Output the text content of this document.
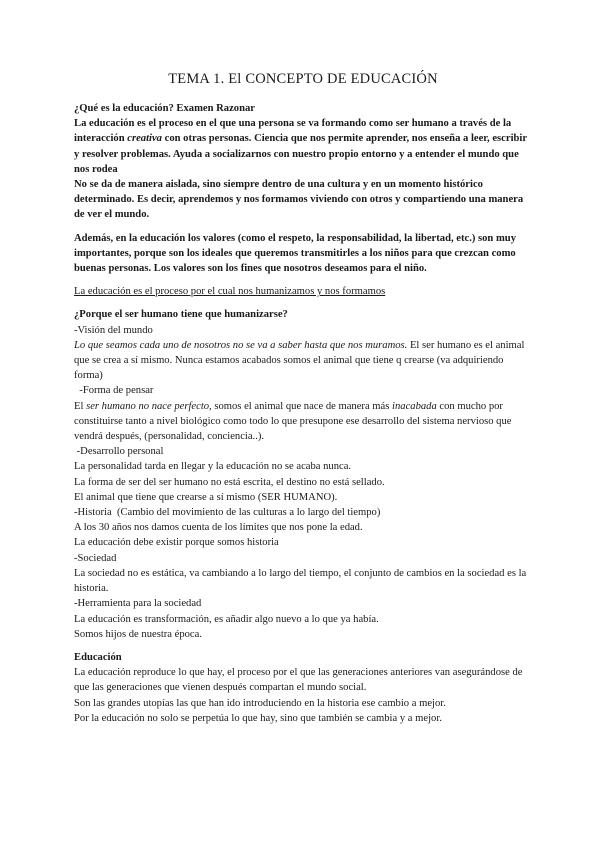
TEMA 1. El CONCEPTO DE EDUCACIÓN

¿Qué es la educación? Examen Razonar

La educación es el proceso en el que una persona se va formando como ser humano a través de la interacción creativa con otras personas. Ciencia que nos permite aprender, nos enseña a leer, escribir y resolver problemas. Ayuda a socializarnos con nuestro propio entorno y a entender el mundo que nos rodea

No se da de manera aislada, sino siempre dentro de una cultura y en un momento histórico determinado. Es decir, aprendemos y nos formamos viviendo con otros y compartiendo una manera de ver el mundo.

Además, en la educación los valores (como el respeto, la responsabilidad, la libertad, etc.) son muy importantes, porque son los ideales que queremos transmitirles a los niños para que crezcan como buenas personas. Los valores son los fines que nosotros deseamos para el niño.

La educación es el proceso por el cual nos humanizamos y nos formamos

¿Porque el ser humano tiene que humanizarse?

-Visión del mundo

Lo que seamos cada uno de nosotros no se va a saber hasta que nos muramos. El ser humano es el animal que se crea a sí mismo. Nunca estamos acabados somos el animal que tiene q crearse (va adquiriendo forma)

-Forma de pensar

El ser humano no nace perfecto, somos el animal que nace de manera más inacabada con mucho por constituirse tanto a nivel biológico como todo lo que presupone ese desarrollo del sistema nervioso que vendrá después, (personalidad, conciencia..).

-Desarrollo personal

La personalidad tarda en llegar y la educación no se acaba nunca.

La forma de ser del ser humano no está escrita, el destino no está sellado.

El animal que tiene que crearse a sí mismo (SER HUMANO).

-Historia  (Cambio del movimiento de las culturas a lo largo del tiempo)

A los 30 años nos damos cuenta de los límites que nos pone la edad.

La educación debe existir porque somos historia

-Sociedad

La sociedad no es estática, va cambiando a lo largo del tiempo, el conjunto de cambios en la sociedad es la historia.

-Herramienta para la sociedad

La educación es transformación, es añadir algo nuevo a lo que ya había.

Somos hijos de nuestra época.

Educación

La educación reproduce lo que hay, el proceso por el que las generaciones anteriores van asegurándose de que las generaciones que vienen después compartan el mundo social.

Son las grandes utopías las que han ido introduciendo en la historia ese cambio a mejor.

Por la educación no solo se perpetúa lo que hay, sino que también se cambia y a mejor.
